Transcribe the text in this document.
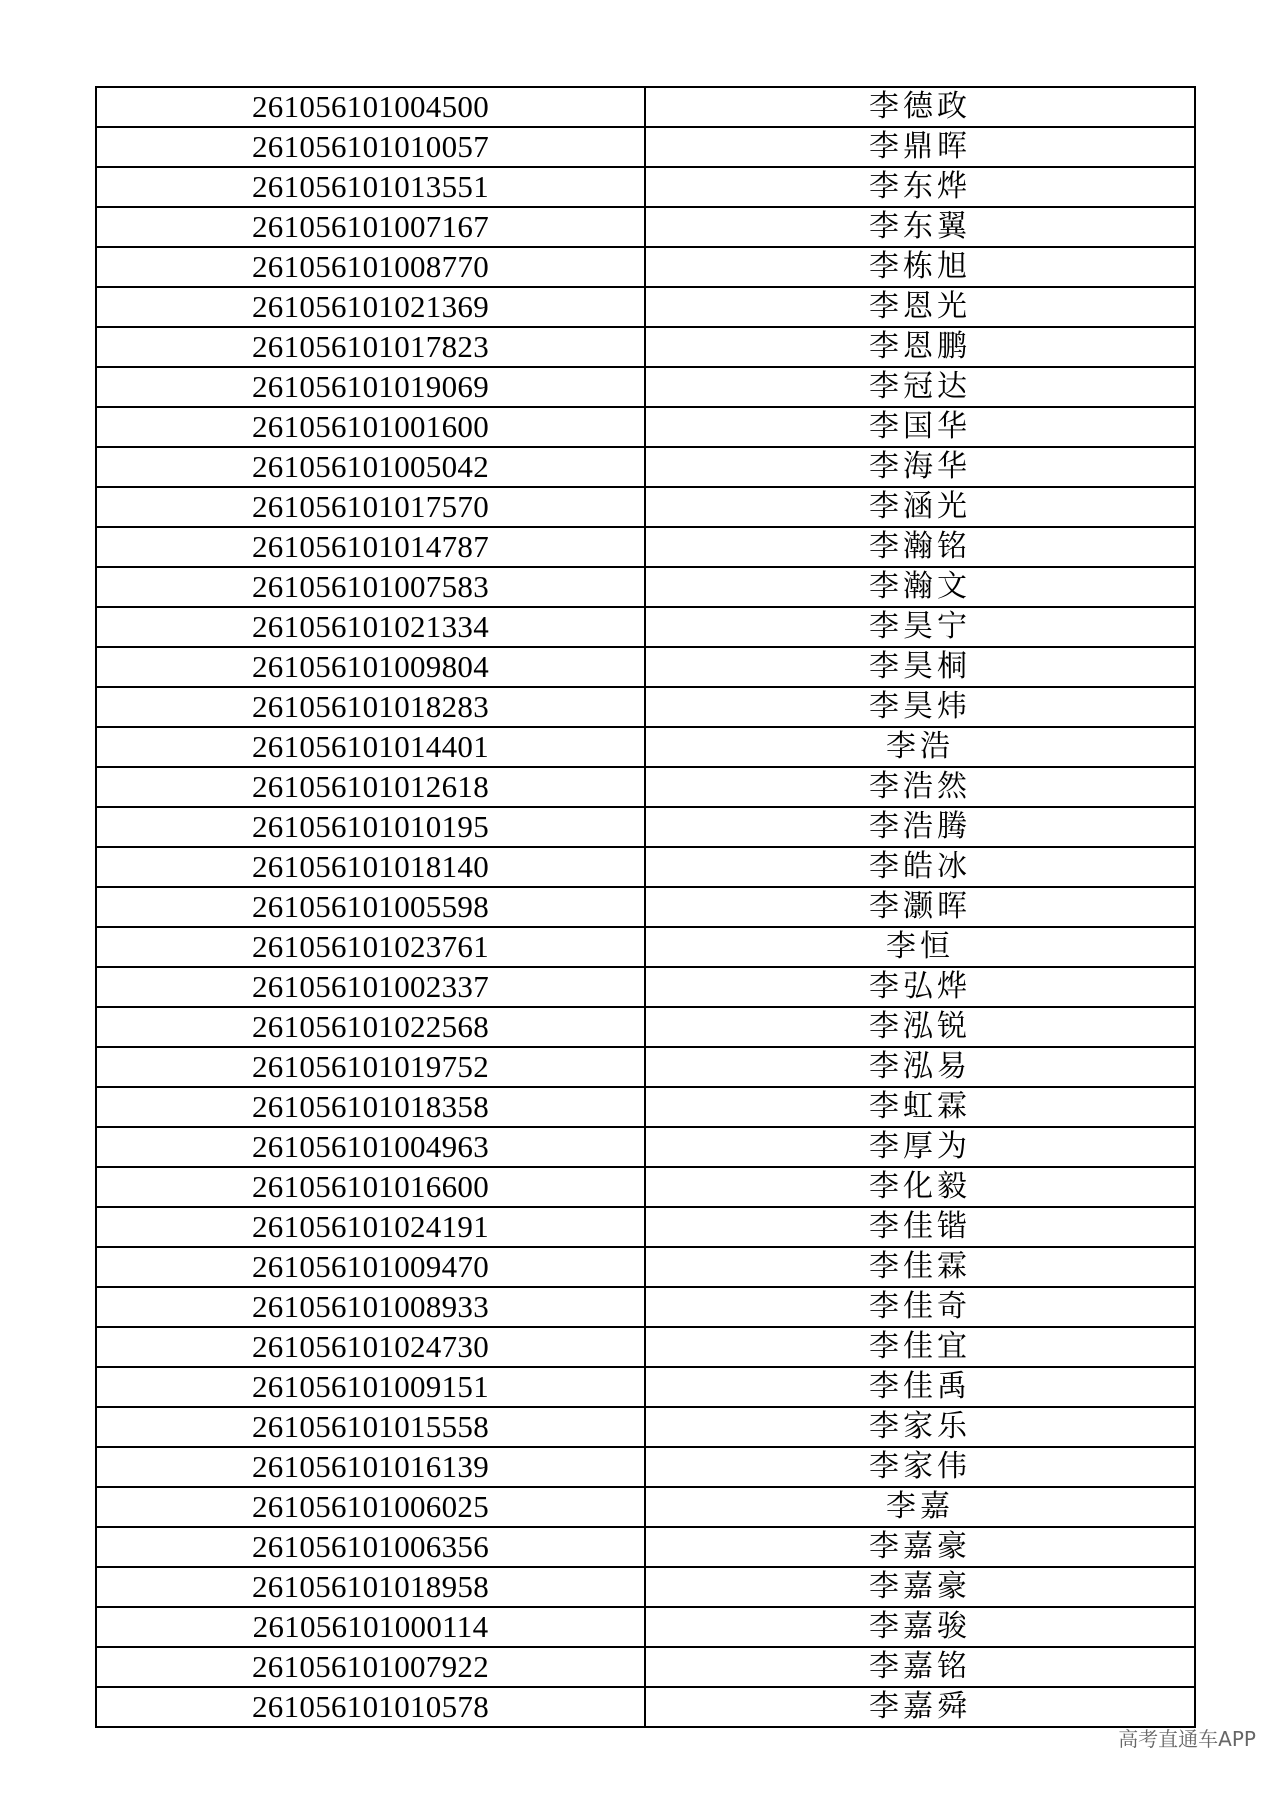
261056101004500	李德政
261056101010057	李鼎晖
261056101013551	李东烨
261056101007167	李东翼
261056101008770	李栋旭
261056101021369	李恩光
261056101017823	李恩鹏
261056101019069	李冠达
261056101001600	李国华
261056101005042	李海华
261056101017570	李涵光
261056101014787	李瀚铭
261056101007583	李瀚文
261056101021334	李昊宁
261056101009804	李昊桐
261056101018283	李昊炜
261056101014401	李浩
261056101012618	李浩然
261056101010195	李浩腾
261056101018140	李皓冰
261056101005598	李灏晖
261056101023761	李恒
261056101002337	李弘烨
261056101022568	李泓锐
261056101019752	李泓易
261056101018358	李虹霖
261056101004963	李厚为
261056101016600	李化毅
261056101024191	李佳锴
261056101009470	李佳霖
261056101008933	李佳奇
261056101024730	李佳宜
261056101009151	李佳禹
261056101015558	李家乐
261056101016139	李家伟
261056101006025	李嘉
261056101006356	李嘉豪
261056101018958	李嘉豪
261056101000114	李嘉骏
261056101007922	李嘉铭
261056101010578	李嘉舜
高考直通车APP
